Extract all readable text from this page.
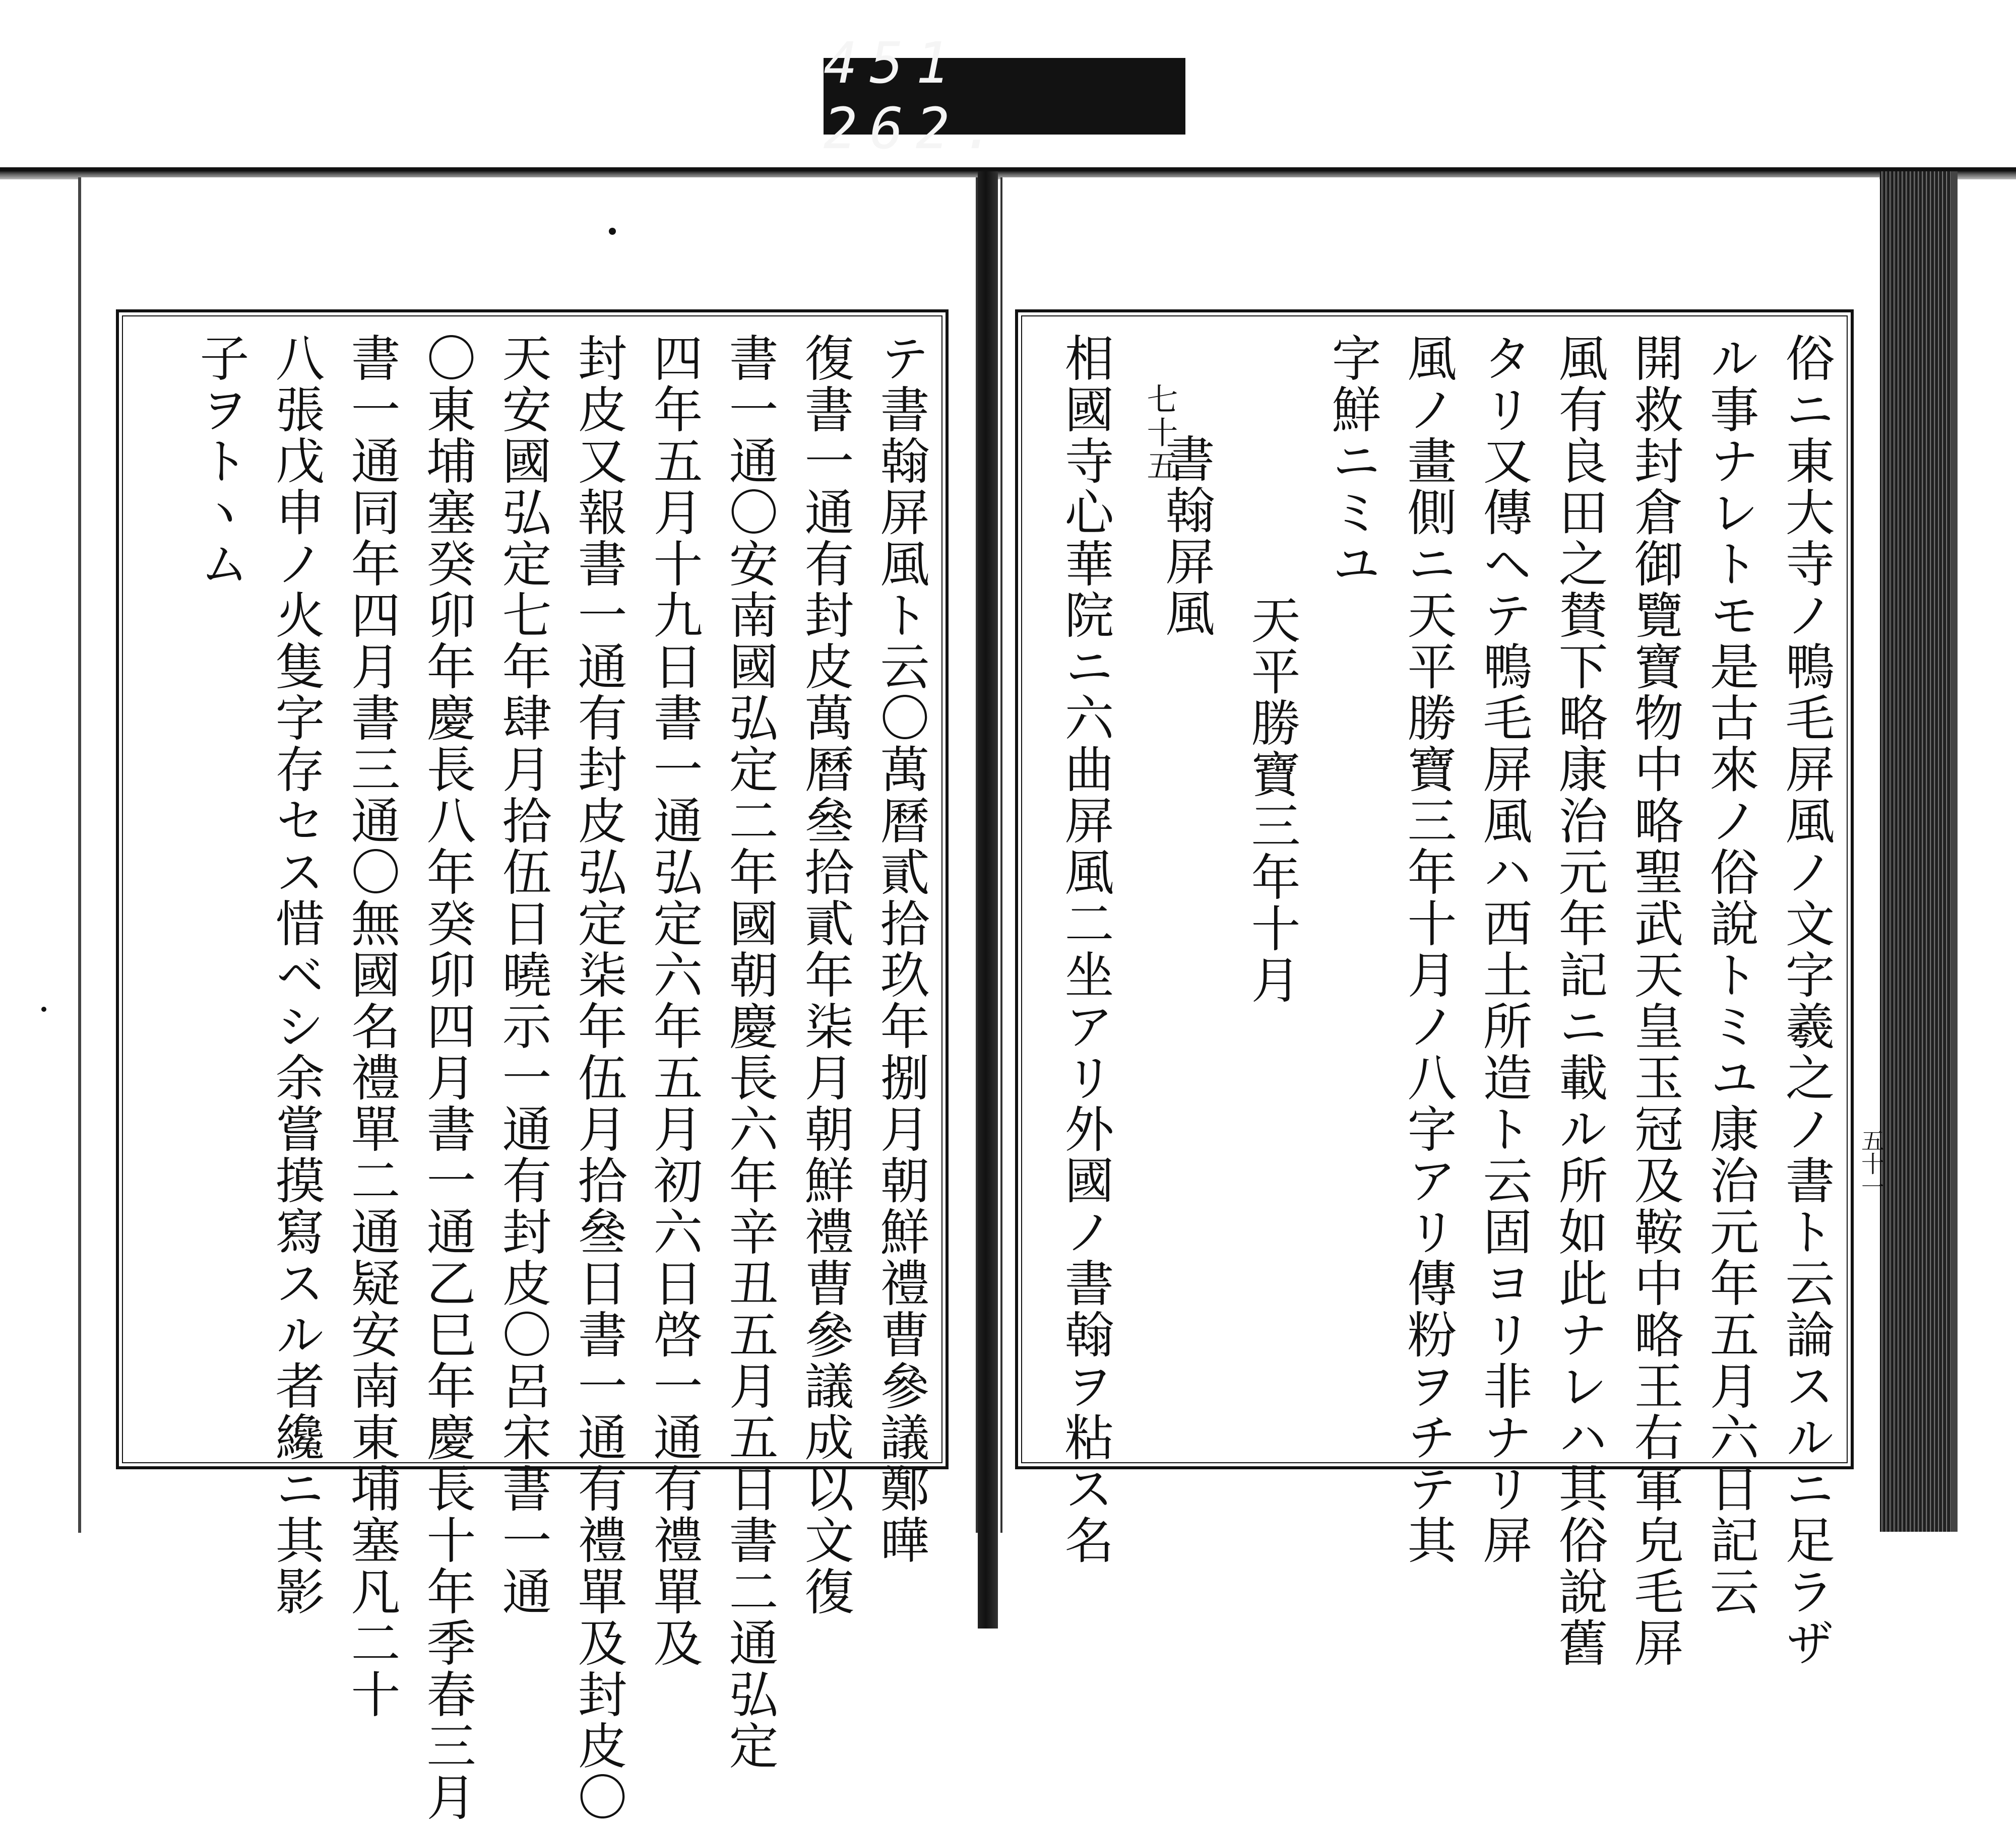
451 262.
俗ニ東大寺ノ鴨毛屏風ノ文字羲之ノ書ト云論スルニ足ラザ
ル事ナレトモ是古來ノ俗說トミユ康治元年五月六日記云
開救封倉御覽寶物中略聖武天皇玉冠及鞍中略王右軍皃毛屏
風有良田之賛下略康治元年記ニ載ル所如此ナレハ其俗說舊
タリ又傳ヘテ鴨毛屏風ハ西土所造ト云固ヨリ非ナリ屏
風ノ畫側ニ天平勝寶三年十月ノ八字アリ傳粉ヲチテ其
字鮮ニミユ
天平勝寶三年十月
七十五
書翰屏風
相國寺心華院ニ六曲屏風二坐アリ外國ノ書翰ヲ粘ス名
テ書翰屏風ト云〇萬曆貳拾玖年捌月朝鮮禮曹參議鄭曄
復書一通有封皮萬曆叄拾貳年柒月朝鮮禮曹參議成以文復
書一通〇安南國弘定二年國朝慶長六年辛丑五月五日書二通弘定
四年五月十九日書一通弘定六年五月初六日啓一通有禮單及
封皮又報書一通有封皮弘定柒年伍月拾叄日書一通有禮單及封皮〇
天安國弘定七年肆月拾伍日曉示一通有封皮〇呂宋書一通
〇東埔塞癸卯年慶長八年癸卯四月書一通乙巳年慶長十年季春三月
書一通同年四月書三通〇無國名禮單二通疑安南東埔塞凡二十
八張戊申ノ火隻字存セス惜ベシ余嘗摸寫スル者纔ニ其影
子ヲトヽム
五十一
